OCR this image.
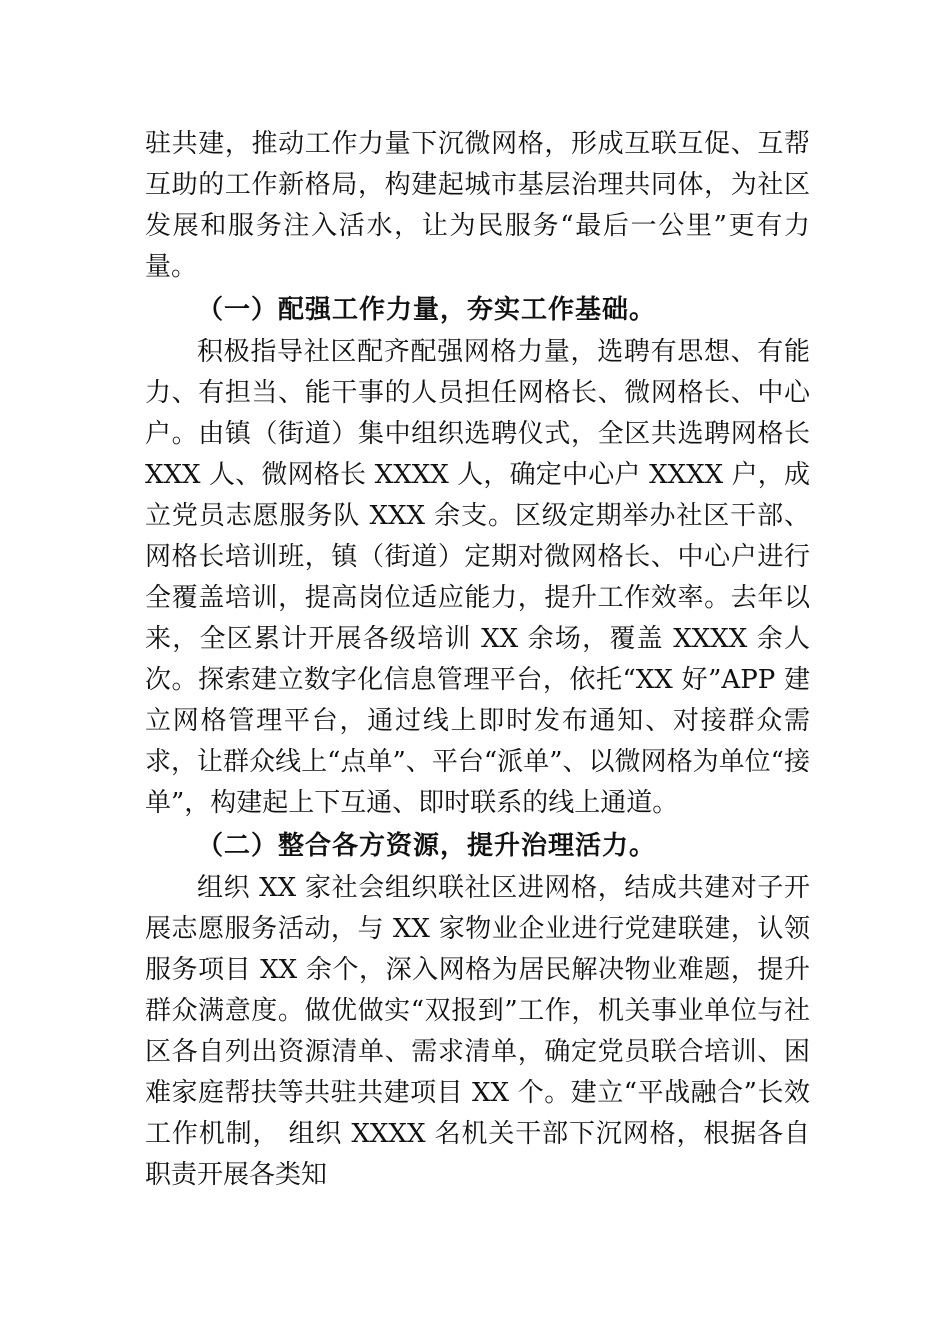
驻共建，推动工作力量下沉微网格，形成互联互促、互帮互助的工作新格局，构建起城市基层治理共同体，为社区发展和服务注入活水，让为民服务“最后一公里”更有力量。

（一）配强工作力量，夯实工作基础。

积极指导社区配齐配强网格力量，选聘有思想、有能力、有担当、能干事的人员担任网格长、微网格长、中心户。由镇（街道）集中组织选聘仪式，全区共选聘网格长 XXX 人、微网格长 XXXX 人，确定中心户 XXXX 户，成立党员志愿服务队 XXX 余支。区级定期举办社区干部、网格长培训班，镇（街道）定期对微网格长、中心户进行全覆盖培训，提高岗位适应能力，提升工作效率。去年以来，全区累计开展各级培训 XX 余场，覆盖 XXXX 余人次。探索建立数字化信息管理平台，依托“XX 好”APP 建立网格管理平台，通过线上即时发布通知、对接群众需求，让群众线上“点单”、平台“派单”、以微网格为单位“接单”，构建起上下互通、即时联系的线上通道。

（二）整合各方资源，提升治理活力。

组织 XX 家社会组织联社区进网格，结成共建对子开展志愿服务活动，与 XX 家物业企业进行党建联建，认领服务项目 XX 余个，深入网格为居民解决物业难题，提升群众满意度。做优做实“双报到”工作，机关事业单位与社区各自列出资源清单、需求清单，确定党员联合培训、困难家庭帮扶等共驻共建项目 XX 个。建立“平战融合”长效工作机制， 组织 XXXX 名机关干部下沉网格，根据各自职责开展各类知
